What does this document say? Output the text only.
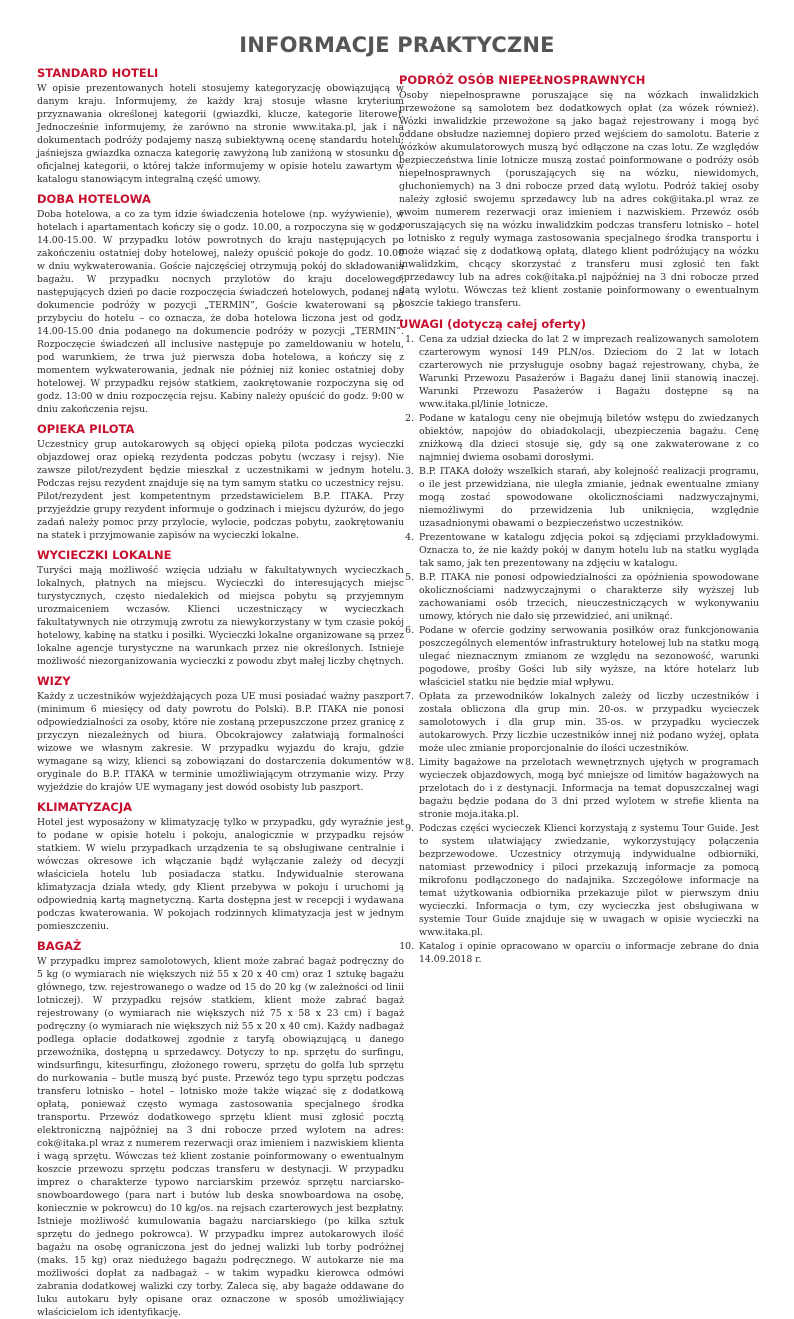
INFORMACJE PRAKTYCZNE
STANDARD HOTELI

W opisie prezentowanych hoteli stosujemy kategoryzację obowiązującą w danym kraju. Informujemy, że każdy kraj stosuje własne kryterium przyznawania określonej kategorii (gwiazdki, klucze, kategorie literowe). Jednocześnie informujemy, że zarówno na stronie www.itaka.pl, jak i na dokumentach podróży podajemy naszą subiektywną ocenę standardu hotelu; jaśniejsza gwiazdka oznacza kategorię zawyżoną lub zaniżoną w stosunku do oficjalnej kategorii, o której także informujemy w opisie hotelu zawartym w katalogu stanowiącym integralną część umowy.

DOBA HOTELOWA

Doba hotelowa, a co za tym idzie świadczenia hotelowe (np. wyżywienie), w hotelach i apartamentach kończy się o godz. 10.00, a rozpoczyna się w godz. 14.00-15.00. W przypadku lotów powrotnych do kraju następujących po zakończeniu ostatniej doby hotelowej, należy opuścić pokoje do godz. 10.00 w dniu wykwaterowania. Goście najczęściej otrzymują pokój do składowania bagażu. W przypadku nocnych przylotów do kraju docelowego, następujących dzień po dacie rozpoczęcia świadczeń hotelowych, podanej na dokumencie podróży w pozycji „TERMIN”, Goście kwaterowani są po przybyciu do hotelu – co oznacza, że doba hotelowa liczona jest od godz. 14.00-15.00 dnia podanego na dokumencie podróży w pozycji „TERMIN”. Rozpoczęcie świadczeń all inclusive następuje po zameldowaniu w hotelu, pod warunkiem, że trwa już pierwsza doba hotelowa, a kończy się z momentem wykwaterowania, jednak nie później niż koniec ostatniej doby hotelowej. W przypadku rejsów statkiem, zaokrętowanie rozpoczyna się od godz. 13:00 w dniu rozpoczęcia rejsu. Kabiny należy opuścić do godz. 9:00 w dniu zakończenia rejsu.

OPIEKA PILOTA

Uczestnicy grup autokarowych są objęci opieką pilota podczas wycieczki objazdowej oraz opieką rezydenta podczas pobytu (wczasy i rejsy). Nie zawsze pilot/rezydent będzie mieszkał z uczestnikami w jednym hotelu. Podczas rejsu rezydent znajduje się na tym samym statku co uczestnicy rejsu. Pilot/rezydent jest kompetentnym przedstawicielem B.P. ITAKA. Przy przyjeździe grupy rezydent informuje o godzinach i miejscu dyżurów, do jego zadań należy pomoc przy przylocie, wylocie, podczas pobytu, zaokrętowaniu na statek i przyjmowanie zapisów na wycieczki lokalne.

WYCIECZKI LOKALNE

Turyści mają możliwość wzięcia udziału w fakultatywnych wycieczkach lokalnych, płatnych na miejscu. Wycieczki do interesujących miejsc turystycznych, często niedalekich od miejsca pobytu są przyjemnym urozmaiceniem wczasów. Klienci uczestniczący w wycieczkach fakultatywnych nie otrzymują zwrotu za niewykorzystany w tym czasie pokój hotelowy, kabinę na statku i posiłki. Wycieczki lokalne organizowane są przez lokalne agencje turystyczne na warunkach przez nie określonych. Istnieje możliwość niezorganizowania wycieczki z powodu zbyt małej liczby chętnych.

WIZY

Każdy z uczestników wyjeżdżających poza UE musi posiadać ważny paszport (minimum 6 miesięcy od daty powrotu do Polski). B.P. ITAKA nie ponosi odpowiedzialności za osoby, które nie zostaną przepuszczone przez granicę z przyczyn niezależnych od biura. Obcokrajowcy załatwiają formalności wizowe we własnym zakresie. W przypadku wyjazdu do kraju, gdzie wymagane są wizy, klienci są zobowiązani do dostarczenia dokumentów w oryginale do B.P. ITAKA w terminie umożliwiającym otrzymanie wizy. Przy wyjeździe do krajów UE wymagany jest dowód osobisty lub paszport.

KLIMATYZACJA

Hotel jest wyposażony w klimatyzację tylko w przypadku, gdy wyraźnie jest to podane w opisie hotelu i pokoju, analogicznie w przypadku rejsów statkiem. W wielu przypadkach urządzenia te są obsługiwane centralnie i wówczas okresowe ich włączanie bądź wyłączanie zależy od decyzji właściciela hotelu lub posiadacza statku. Indywidualnie sterowana klimatyzacja działa wtedy, gdy Klient przebywa w pokoju i uruchomi ją odpowiednią kartą magnetyczną. Karta dostępna jest w recepcji i wydawana podczas kwaterowania. W pokojach rodzinnych klimatyzacja jest w jednym pomieszczeniu.

BAGAŻ

W przypadku imprez samolotowych, klient może zabrać bagaż podręczny do 5 kg (o wymiarach nie większych niż 55 x 20 x 40 cm) oraz 1 sztukę bagażu głównego, tzw. rejestrowanego o wadze od 15 do 20 kg (w zależności od linii lotniczej). W przypadku rejsów statkiem, klient może zabrać bagaż rejestrowany (o wymiarach nie większych niż 75 x 58 x 23 cm) i bagaż podręczny (o wymiarach nie większych niż 55 x 20 x 40 cm). Każdy nadbagaż podlega opłacie dodatkowej zgodnie z taryfą obowiązującą u danego przewoźnika, dostępną u sprzedawcy. Dotyczy to np. sprzętu do surfingu, windsurfingu, kitesurfingu, złożonego roweru, sprzętu do golfa lub sprzętu do nurkowania – butle muszą być puste. Przewóz tego typu sprzętu podczas transferu lotnisko – hotel – lotnisko może także wiązać się z dodatkową opłatą, ponieważ często wymaga zastosowania specjalnego środka transportu. Przewóz dodatkowego sprzętu klient musi zgłosić pocztą elektroniczną najpóźniej na 3 dni robocze przed wylotem na adres: cok@itaka.pl wraz z numerem rezerwacji oraz imieniem i nazwiskiem klienta i wagą sprzętu. Wówczas też klient zostanie poinformowany o ewentualnym koszcie przewozu sprzętu podczas transferu w destynacji. W przypadku imprez o charakterze typowo narciarskim przewóz sprzętu narciarsko-snowboardowego (para nart i butów lub deska snowboardowa na osobę, koniecznie w pokrowcu) do 10 kg/os. na rejsach czarterowych jest bezpłatny. Istnieje możliwość kumulowania bagażu narciarskiego (po kilka sztuk sprzętu do jednego pokrowca). W przypadku imprez autokarowych ilość bagażu na osobę ograniczona jest do jednej walizki lub torby podróżnej (maks. 15 kg) oraz niedużego bagażu podręcznego. W autokarze nie ma możliwości dopłat za nadbagaż – w takim wypadku kierowca odmówi zabrania dodatkowej walizki czy torby. Zaleca się, aby bagaże oddawane do luku autokaru były opisane oraz oznaczone w sposób umożliwiający właścicielom ich identyfikację.

PODRÓŻ OSÓB NIEPEŁNOSPRAWNYCH

Osoby niepełnosprawne poruszające się na wózkach inwalidzkich przewożone są samolotem bez dodatkowych opłat (za wózek również). Wózki inwalidzkie przewożone są jako bagaż rejestrowany i mogą być oddane obsłudze naziemnej dopiero przed wejściem do samolotu. Baterie z wózków akumulatorowych muszą być odłączone na czas lotu. Ze względów bezpieczeństwa linie lotnicze muszą zostać poinformowane o podróży osób niepełnosprawnych (poruszających się na wózku, niewidomych, głuchoniemych) na 3 dni robocze przed datą wylotu. Podróż takiej osoby należy zgłosić swojemu sprzedawcy lub na adres cok@itaka.pl wraz ze swoim numerem rezerwacji oraz imieniem i nazwiskiem. Przewóz osób poruszających się na wózku inwalidzkim podczas transferu lotnisko – hotel – lotnisko z reguły wymaga zastosowania specjalnego środka transportu i może wiązać się z dodatkową opłatą, dlatego klient podróżujący na wózku inwalidzkim, chcący skorzystać z transferu musi zgłosić ten fakt sprzedawcy lub na adres cok@itaka.pl najpóźniej na 3 dni robocze przed datą wylotu. Wówczas też klient zostanie poinformowany o ewentualnym koszcie takiego transferu.

UWAGI (dotyczą całej oferty)
1. Cena za udział dziecka do lat 2 w imprezach realizowanych samolotem czarterowym wynosi 149 PLN/os. Dzieciom do 2 lat w lotach czarterowych nie przysługuje osobny bagaż rejestrowany, chyba, że Warunki Przewozu Pasażerów i Bagażu danej linii stanowią inaczej. Warunki Przewozu Pasażerów i Bagażu dostępne są na www.itaka.pl/linie_lotnicze.
2. Podane w katalogu ceny nie obejmują biletów wstępu do zwiedzanych obiektów, napojów do obiadokolacji, ubezpieczenia bagażu. Cenę zniżkową dla dzieci stosuje się, gdy są one zakwaterowane z co najmniej dwiema osobami dorosłymi.
3. B.P. ITAKA dołoży wszelkich starań, aby kolejność realizacji programu, o ile jest przewidziana, nie uległa zmianie, jednak ewentualne zmiany mogą zostać spowodowane okolicznościami nadzwyczajnymi, niemożliwymi do przewidzenia lub uniknięcia, względnie uzasadnionymi obawami o bezpieczeństwo uczestników.
4. Prezentowane w katalogu zdjęcia pokoi są zdjęciami przykładowymi. Oznacza to, że nie każdy pokój w danym hotelu lub na statku wygląda tak samo, jak ten prezentowany na zdjęciu w katalogu.
5. B.P. ITAKA nie ponosi odpowiedzialności za opóźnienia spowodowane okolicznościami nadzwyczajnymi o charakterze siły wyższej lub zachowaniami osób trzecich, nieuczestniczących w wykonywaniu umowy, których nie dało się przewidzieć, ani uniknąć.
6. Podane w ofercie godziny serwowania posiłków oraz funkcjonowania poszczególnych elementów infrastruktury hotelowej lub na statku mogą ulegać nieznacznym zmianom ze względu na sezonowość, warunki pogodowe, prośby Gości lub siły wyższe, na które hotelarz lub właściciel statku nie będzie miał wpływu.
7. Opłata za przewodników lokalnych zależy od liczby uczestników i została obliczona dla grup min. 20-os. w przypadku wycieczek samolotowych i dla grup min. 35-os. w przypadku wycieczek autokarowych. Przy liczbie uczestników innej niż podano wyżej, opłata może ulec zmianie proporcjonalnie do ilości uczestników.
8. Limity bagażowe na przelotach wewnętrznych ujętych w programach wycieczek objazdowych, mogą być mniejsze od limitów bagażowych na przelotach do i z destynacji. Informacja na temat dopuszczalnej wagi bagażu będzie podana do 3 dni przed wylotem w strefie klienta na stronie moja.itaka.pl.
9. Podczas części wycieczek Klienci korzystają z systemu Tour Guide. Jest to system ułatwiający zwiedzanie, wykorzystujący połączenia bezprzewodowe. Uczestnicy otrzymują indywidualne odbiorniki, natomiast przewodnicy i piloci przekazują informacje za pomocą mikrofonu podłączonego do nadajnika. Szczegółowe informacje na temat użytkowania odbiornika przekazuje pilot w pierwszym dniu wycieczki. Informacja o tym, czy wycieczka jest obsługiwana w systemie Tour Guide znajduje się w uwagach w opisie wycieczki na www.itaka.pl.
10. Katalog i opinie opracowano w oparciu o informacje zebrane do dnia 14.09.2018 r.
